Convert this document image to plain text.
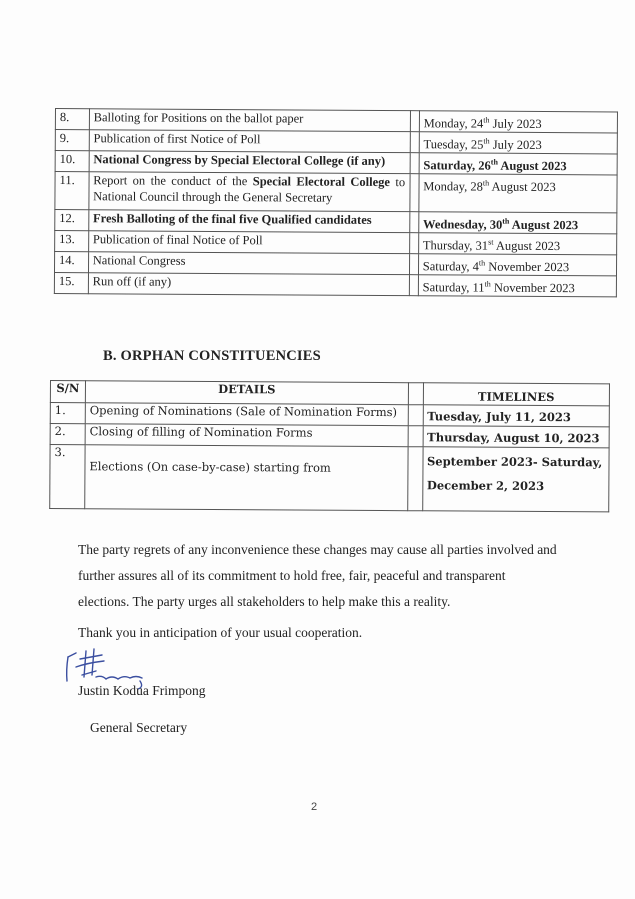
8.	Balloting for Positions on the ballot paper		Monday, 24th July 2023
9.	Publication of first Notice of Poll		Tuesday, 25th July 2023
10.	National Congress by Special Electoral College (if any)		Saturday, 26th August 2023
11.	Report on the conduct of the Special Electoral College to National Council through the General Secretary		Monday, 28th August 2023
12.	Fresh Balloting of the final five Qualified candidates		Wednesday, 30th August 2023
13.	Publication of final Notice of Poll		Thursday, 31st August 2023
14.	National Congress		Saturday, 4th November 2023
15.	Run off (if any)		Saturday, 11th November 2023
B. ORPHAN CONSTITUENCIES
S/N	DETAILS		TIMELINES
1.	Opening of Nominations (Sale of Nomination Forms)		Tuesday, July 11, 2023
2.	Closing of filling of Nomination Forms		Thursday, August 10, 2023
3.	Elections (On case-by-case) starting from		September 2023- Saturday, December 2, 2023
The party regrets of any inconvenience these changes may cause all parties involved and further assures all of its commitment to hold free, fair, peaceful and transparent elections. The party urges all stakeholders to help make this a reality.
Thank you in anticipation of your usual cooperation.
Justin Kodua Frimpong
General Secretary
2
